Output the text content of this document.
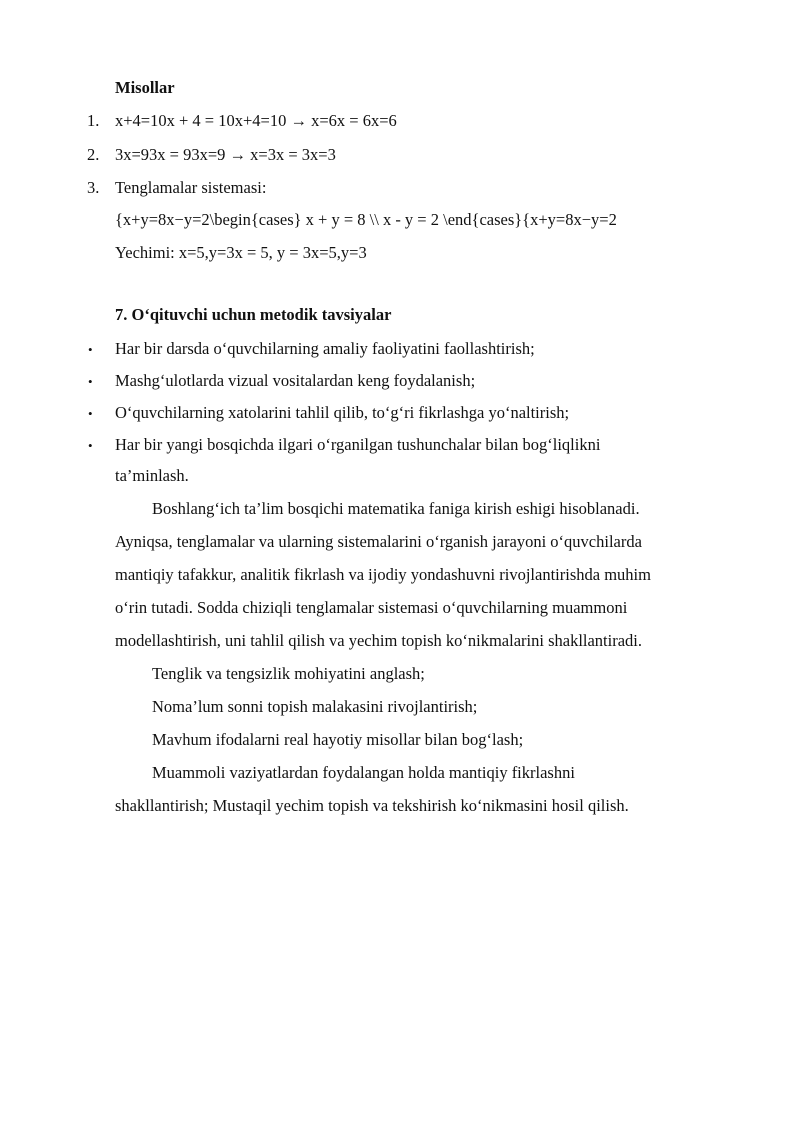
Misollar
1. x+4=10x + 4 = 10x+4=10 → x=6x = 6x=6
2. 3x=93x = 93x=9 → x=3x = 3x=3
3. Tenglamalar sistemasi:
{x+y=8x−y=2\begin{cases} x + y = 8 \\ x - y = 2 \end{cases}{x+y=8x−y=2
Yechimi: x=5,y=3x = 5, y = 3x=5,y=3
7. O‘qituvchi uchun metodik tavsiyalar
• Har bir darsda o‘quvchilarning amaliy faoliyatini faollashtirish;
• Mashg‘ulotlarda vizual vositalardan keng foydalanish;
• O‘quvchilarning xatolarini tahlil qilib, to‘g‘ri fikrlashga yo‘naltirish;
• Har bir yangi bosqichda ilgari o‘rganilgan tushunchalar bilan bog‘liqlikni
ta’minlash.
Boshlang‘ich ta’lim bosqichi matematika faniga kirish eshigi hisoblanadi.
Ayniqsa, tenglamalar va ularning sistemalarini o‘rganish jarayoni o‘quvchilarda
mantiqiy tafakkur, analitik fikrlash va ijodiy yondashuvni rivojlantirishda muhim
o‘rin tutadi. Sodda chiziqli tenglamalar sistemasi o‘quvchilarning muammoni
modellashtirish, uni tahlil qilish va yechim topish ko‘nikmalarini shakllantiradi.
Tenglik va tengsizlik mohiyatini anglash;
Noma’lum sonni topish malakasini rivojlantirish;
Mavhum ifodalarni real hayotiy misollar bilan bog‘lash;
Muammoli vaziyatlardan foydalangan holda mantiqiy fikrlashni
shakllantirish; Mustaqil yechim topish va tekshirish ko‘nikmasini hosil qilish.
